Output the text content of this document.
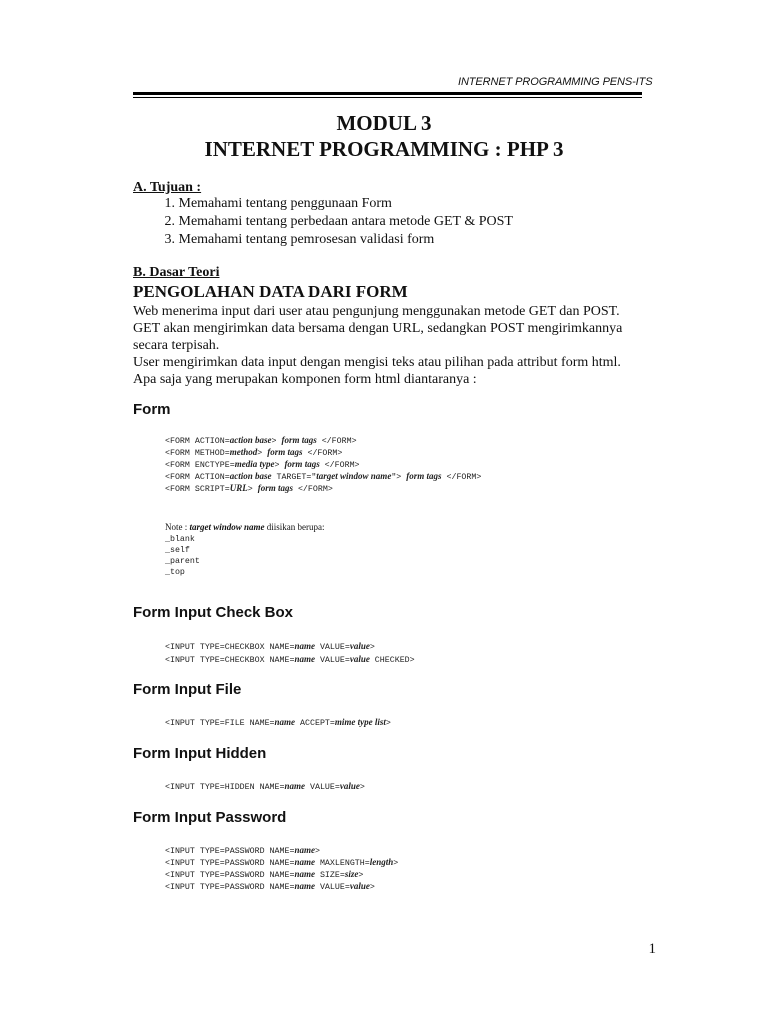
INTERNET PROGRAMMING PENS-ITS
MODUL 3
INTERNET PROGRAMMING : PHP 3
A. Tujuan :
1. Memahami tentang penggunaan Form
2. Memahami tentang perbedaan antara metode GET & POST
3. Memahami tentang pemrosesan validasi form
B. Dasar Teori
PENGOLAHAN DATA DARI FORM
Web menerima input dari user atau pengunjung menggunakan metode GET dan POST.
GET akan mengirimkan data bersama dengan URL, sedangkan POST mengirimkannya
secara terpisah.
User mengirimkan data input dengan mengisi teks atau pilihan pada attribut form html.
Apa saja yang merupakan komponen form html diantaranya :
Form
<FORM ACTION=action base> form tags </FORM>
<FORM METHOD=method> form tags </FORM>
<FORM ENCTYPE=media type> form tags </FORM>
<FORM ACTION=action base TARGET="target window name"> form tags </FORM>
<FORM SCRIPT=URL> form tags </FORM>
Note : target window name diisikan berupa:
_blank
_self
_parent
_top
Form Input Check Box
<INPUT TYPE=CHECKBOX NAME=name VALUE=value>
<INPUT TYPE=CHECKBOX NAME=name VALUE=value CHECKED>
Form Input File
<INPUT TYPE=FILE NAME=name ACCEPT=mime type list>
Form Input Hidden
<INPUT TYPE=HIDDEN NAME=name VALUE=value>
Form Input Password
<INPUT TYPE=PASSWORD NAME=name>
<INPUT TYPE=PASSWORD NAME=name MAXLENGTH=length>
<INPUT TYPE=PASSWORD NAME=name SIZE=size>
<INPUT TYPE=PASSWORD NAME=name VALUE=value>
1
